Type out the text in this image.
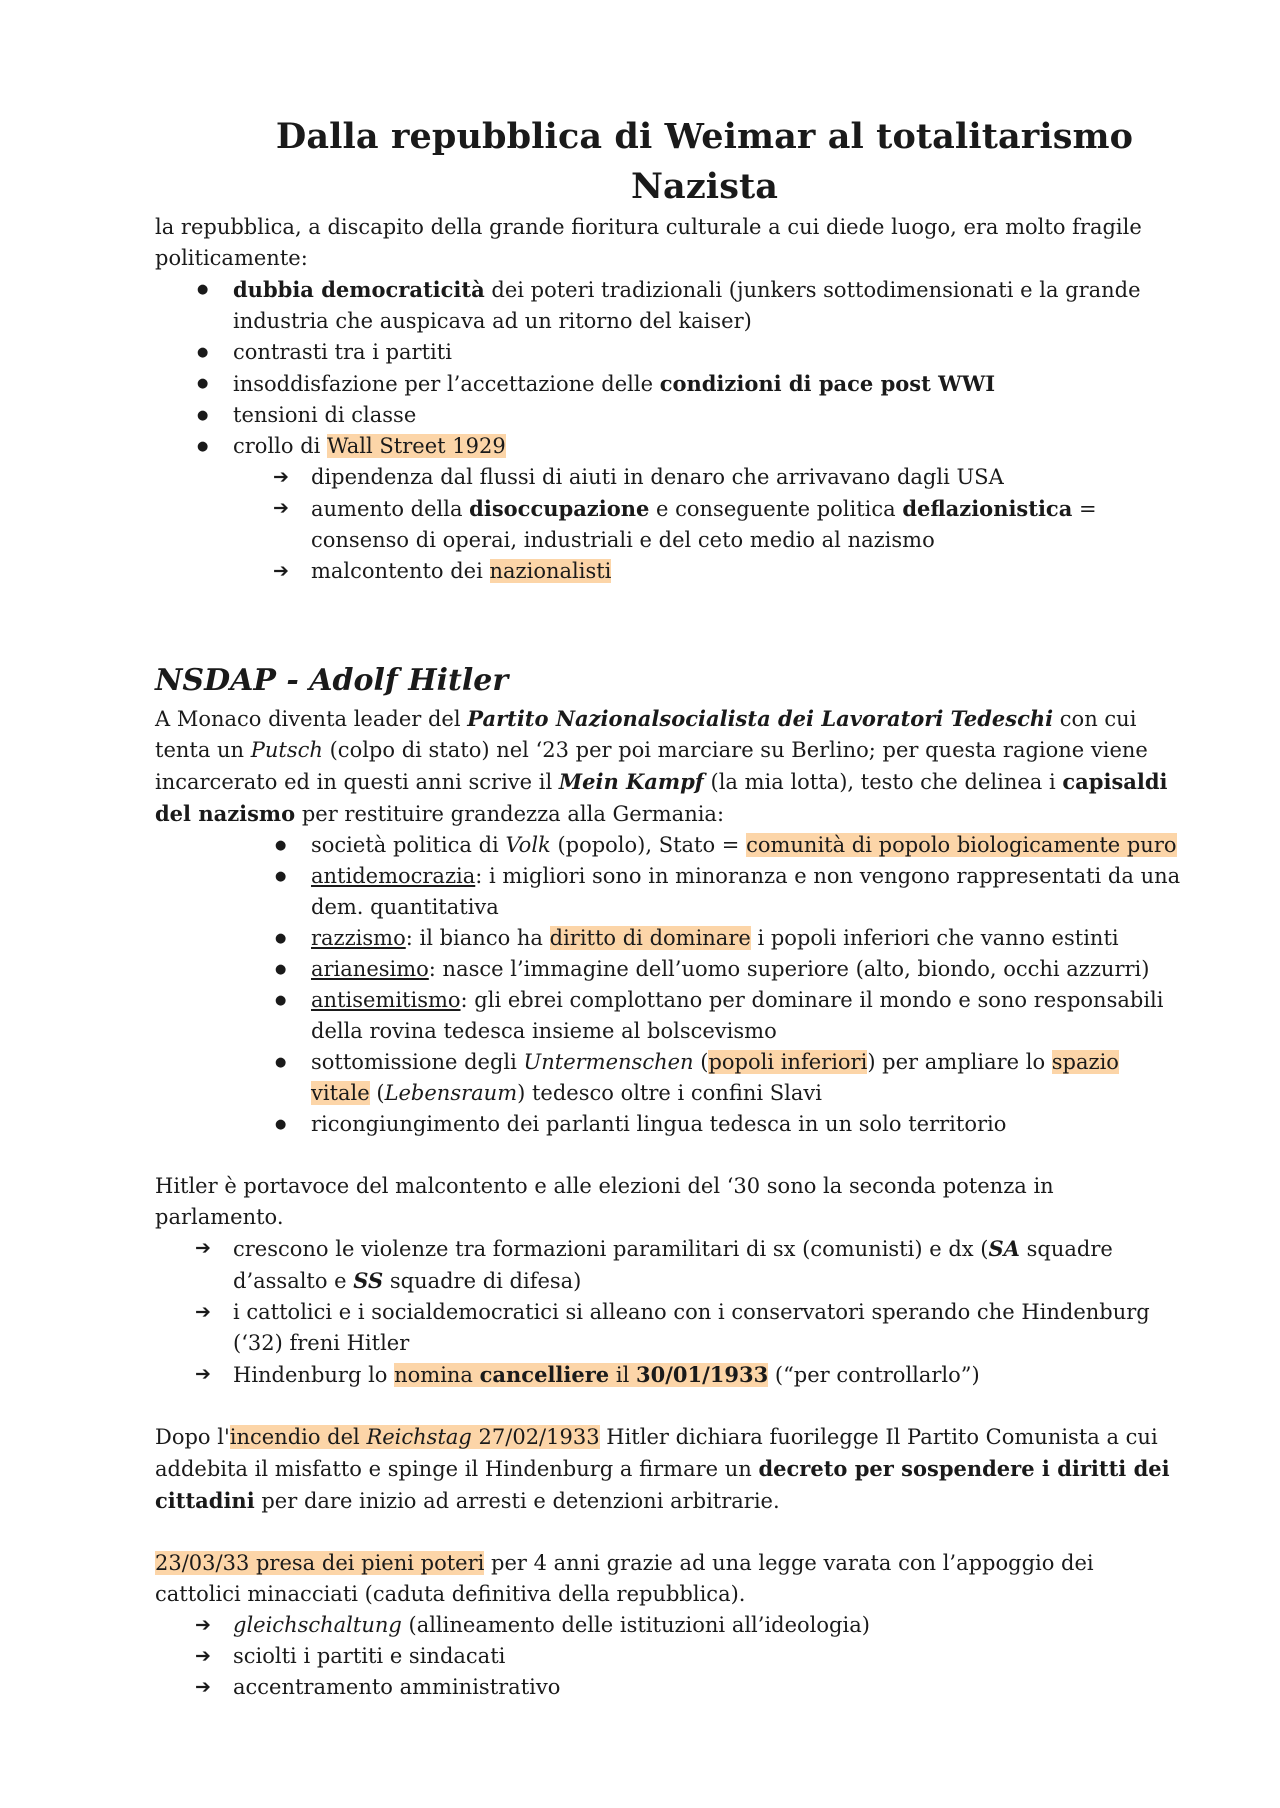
Dalla repubblica di Weimar al totalitarismo Nazista

la repubblica, a discapito della grande fioritura culturale a cui diede luogo, era molto fragile politicamente:

● dubbia democraticità dei poteri tradizionali (junkers sottodimensionati e la grande industria che auspicava ad un ritorno del kaiser)
● contrasti tra i partiti
● insoddisfazione per l’accettazione delle condizioni di pace post WWI
● tensioni di classe
● crollo di Wall Street 1929
➔ dipendenza dal flussi di aiuti in denaro che arrivavano dagli USA
➔ aumento della disoccupazione e conseguente politica deflazionistica = consenso di operai, industriali e del ceto medio al nazismo
➔ malcontento dei nazionalisti
NSDAP - Adolf Hitler

A Monaco diventa leader del Partito Nazionalsocialista dei Lavoratori Tedeschi con cui tenta un Putsch (colpo di stato) nel ‘23 per poi marciare su Berlino; per questa ragione viene incarcerato ed in questi anni scrive il Mein Kampf (la mia lotta), testo che delinea i capisaldi del nazismo per restituire grandezza alla Germania:

● società politica di Volk (popolo), Stato = comunità di popolo biologicamente puro
● antidemocrazia: i migliori sono in minoranza e non vengono rappresentati da una dem. quantitativa
● razzismo: il bianco ha diritto di dominare i popoli inferiori che vanno estinti
● arianesimo: nasce l’immagine dell’uomo superiore (alto, biondo, occhi azzurri)
● antisemitismo: gli ebrei complottano per dominare il mondo e sono responsabili della rovina tedesca insieme al bolscevismo
● sottomissione degli Untermenschen (popoli inferiori) per ampliare lo spazio vitale (Lebensraum) tedesco oltre i confini Slavi
● ricongiungimento dei parlanti lingua tedesca in un solo territorio

Hitler è portavoce del malcontento e alle elezioni del ‘30 sono la seconda potenza in parlamento.

➔ crescono le violenze tra formazioni paramilitari di sx (comunisti) e dx (SA squadre d’assalto e SS squadre di difesa)
➔ i cattolici e i socialdemocratici si alleano con i conservatori sperando che Hindenburg (‘32) freni Hitler
➔ Hindenburg lo nomina cancelliere il 30/01/1933 (“per controllarlo”)

Dopo l'incendio del Reichstag 27/02/1933 Hitler dichiara fuorilegge Il Partito Comunista a cui addebita il misfatto e spinge il Hindenburg a firmare un decreto per sospendere i diritti dei cittadini per dare inizio ad arresti e detenzioni arbitrarie.

23/03/33 presa dei pieni poteri per 4 anni grazie ad una legge varata con l’appoggio dei cattolici minacciati (caduta definitiva della repubblica).

➔ gleichschaltung (allineamento delle istituzioni all’ideologia)
➔ sciolti i partiti e sindacati
➔ accentramento amministrativo
